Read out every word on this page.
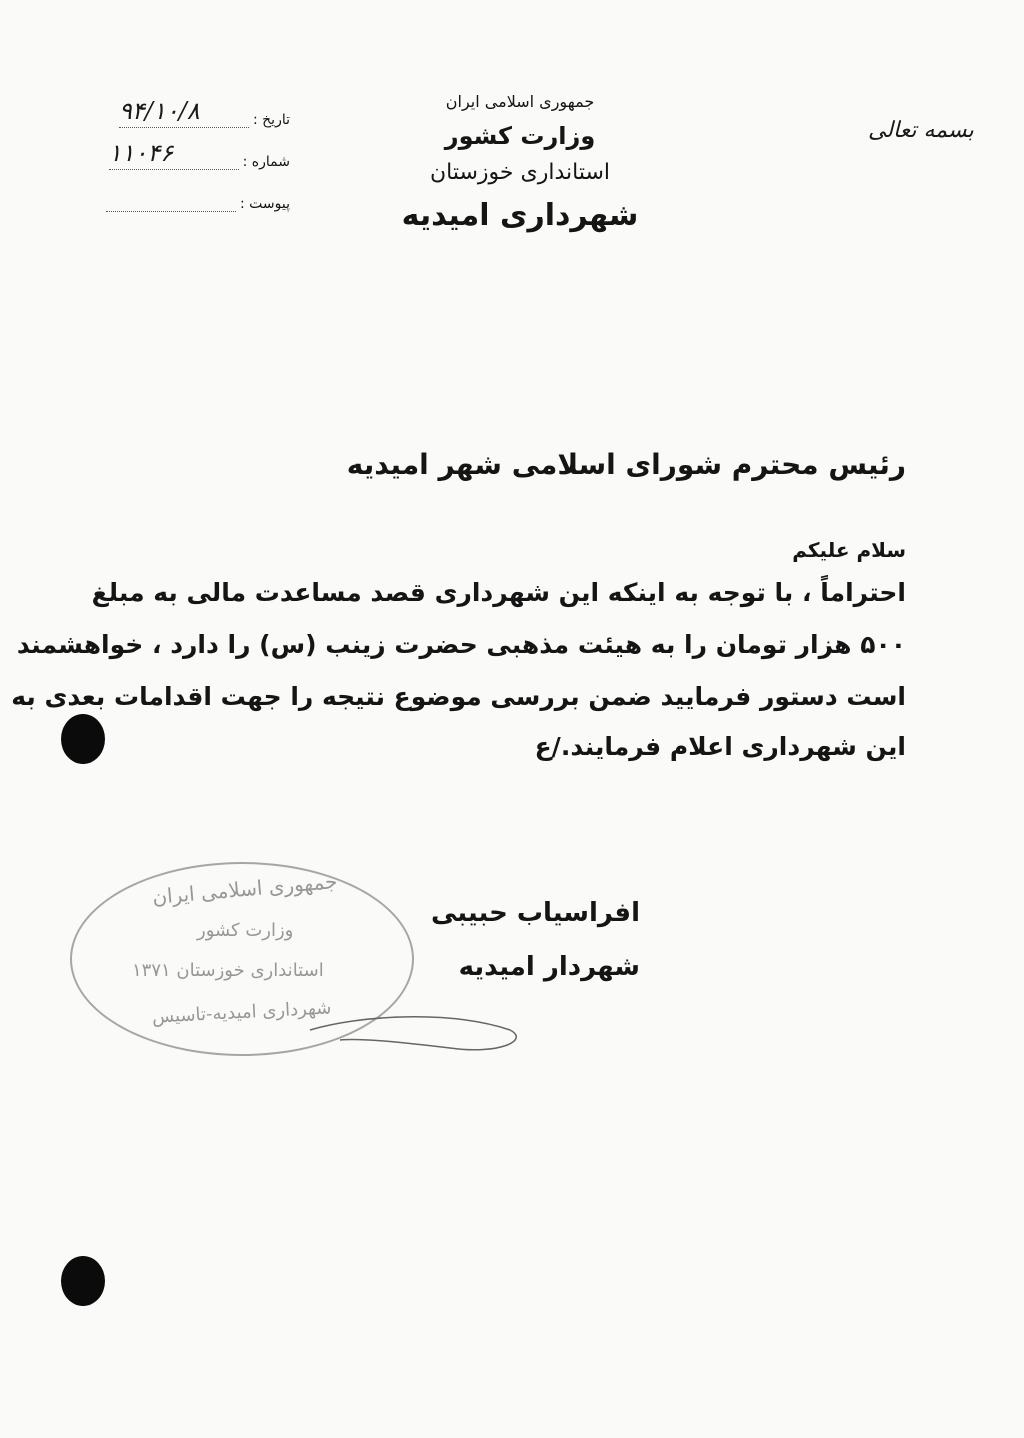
بسمه تعالی
جمهوری اسلامی ایران
وزارت کشور
استانداری خوزستان
شهرداری امیدیه
تاریخ :
۹۴/۱۰/۸
شماره :
۱۱۰۴۶
پیوست :
رئیس محترم شورای اسلامی شهر امیدیه
سلام علیکم
احتراماً ، با توجه به اینکه این شهرداری قصد مساعدت مالی به مبلغ
۵۰۰ هزار تومان را به هیئت مذهبی حضرت زینب (س) را دارد ، خواهشمند
است دستور فرمایید ضمن بررسی موضوع نتیجه را جهت اقدامات بعدی به
این شهرداری اعلام فرمایند./ع
جمهوری اسلامی ایران
وزارت کشور
استانداری خوزستان ۱۳۷۱
شهرداری امیدیه-تاسیس
افراسیاب حبیبی
شهردار امیدیه
